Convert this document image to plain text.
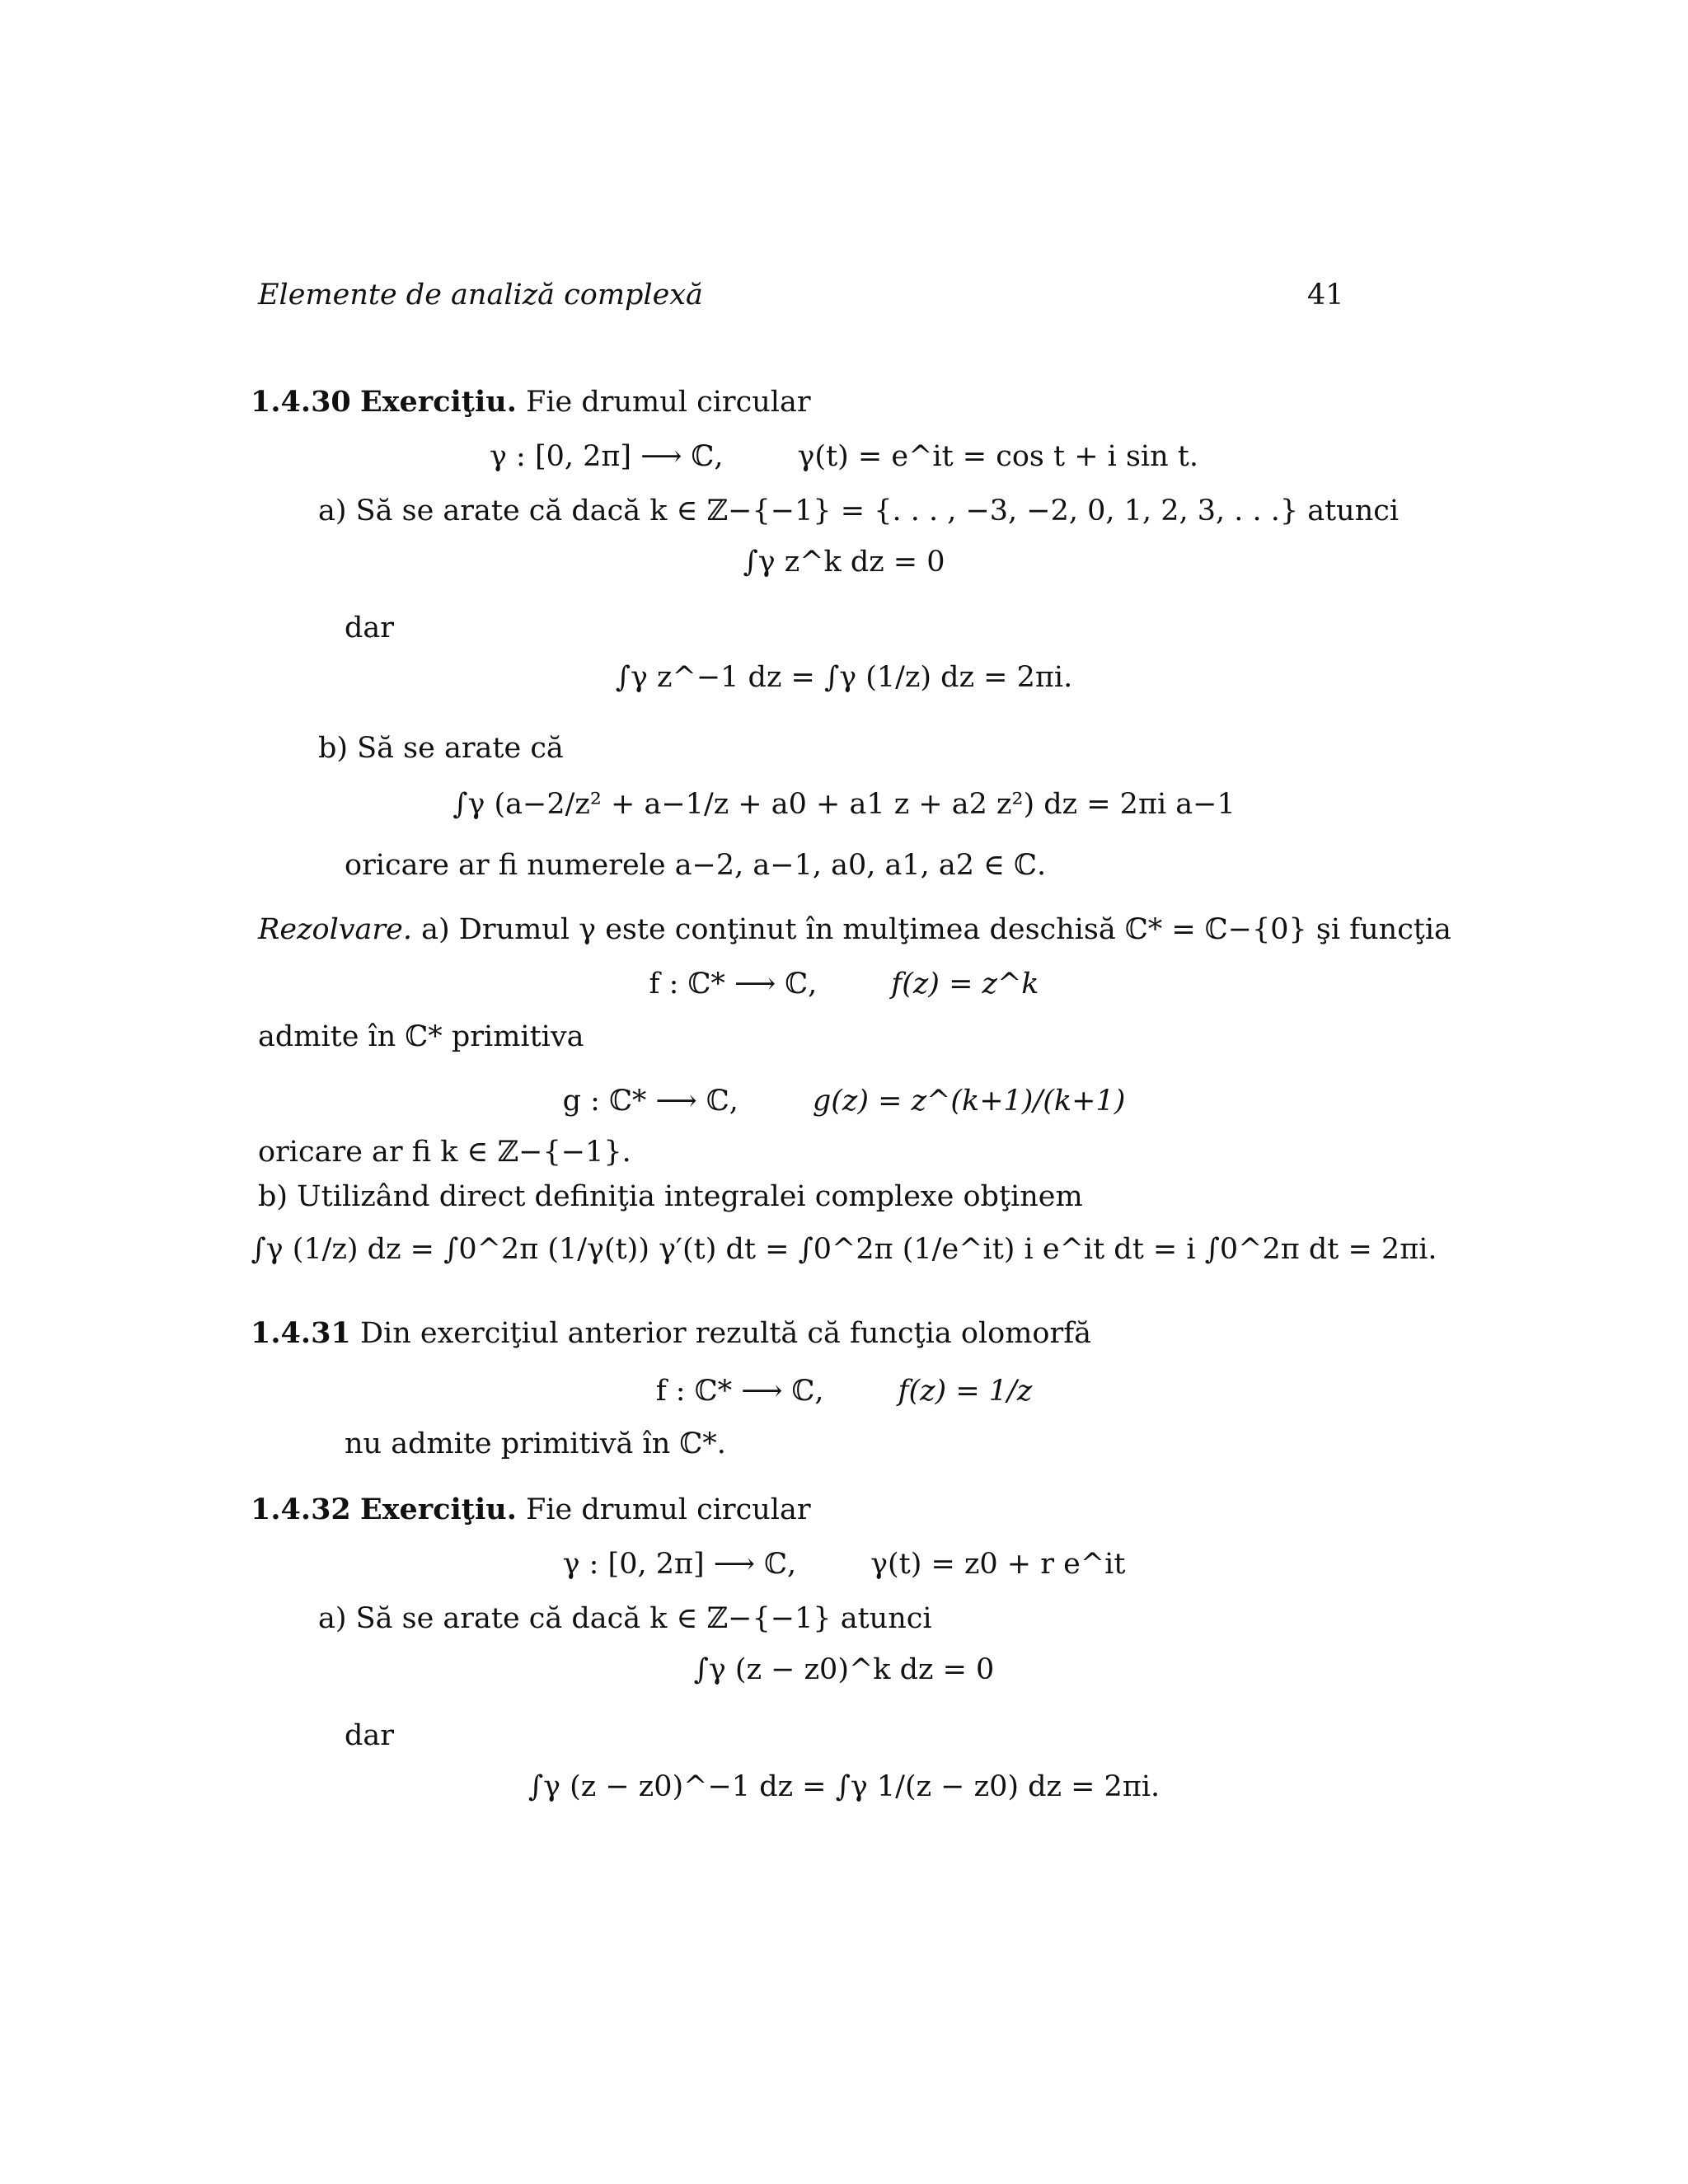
Elemente de analiză complexă	41
1.4.30 Exerciţiu. Fie drumul circular
γ : [0, 2π] ⟶ ℂ,	γ(t) = e^it = cos t + i sin t.
a) Să se arate că dacă k ∈ ℤ−{−1} = {. . . , −3, −2, 0, 1, 2, 3, . . .} atunci
∫γ z^k dz = 0
dar
∫γ z^−1 dz = ∫γ (1/z) dz = 2πi.
b) Să se arate că
∫γ (a−2/z² + a−1/z + a0 + a1 z + a2 z²) dz = 2πi a−1
oricare ar fi numerele a−2, a−1, a0, a1, a2 ∈ ℂ.
Rezolvare. a) Drumul γ este conţinut în mulţimea deschisă ℂ* = ℂ−{0} şi funcţia
f : ℂ* ⟶ ℂ,	f(z) = z^k
admite în ℂ* primitiva
g : ℂ* ⟶ ℂ,	g(z) = z^(k+1)/(k+1)
oricare ar fi k ∈ ℤ−{−1}.
b) Utilizând direct definiţia integralei complexe obţinem
∫γ (1/z) dz = ∫0^2π (1/γ(t)) γ′(t) dt = ∫0^2π (1/e^it) i e^it dt = i ∫0^2π dt = 2πi.
1.4.31 Din exerciţiul anterior rezultă că funcţia olomorfă
f : ℂ* ⟶ ℂ,	f(z) = 1/z
nu admite primitivă în ℂ*.
1.4.32 Exerciţiu. Fie drumul circular
γ : [0, 2π] ⟶ ℂ,	γ(t) = z0 + r e^it
a) Să se arate că dacă k ∈ ℤ−{−1} atunci
∫γ (z − z0)^k dz = 0
dar
∫γ (z − z0)^−1 dz = ∫γ 1/(z − z0) dz = 2πi.
